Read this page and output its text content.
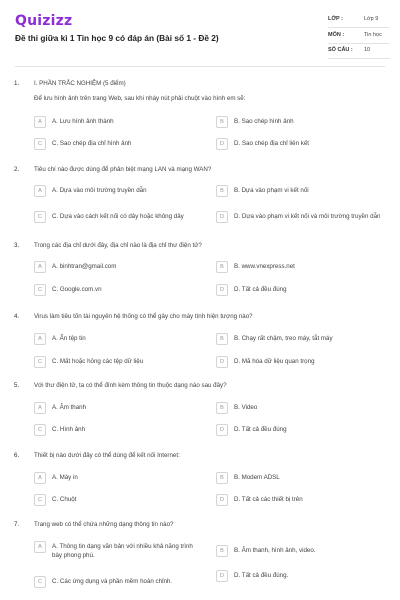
Quizizz
Đề thi giữa kì 1 Tin học 9 có đáp án (Bài số 1 - Đề 2)
LỚP :	Lớp 9
MÔN :	Tin học
SỐ CÂU : 10
1. I. PHẦN TRẮC NGHIỆM (5 điểm)
Để lưu hình ảnh trên trang Web, sau khi nháy nút phải chuột vào hình em sẽ:
A	A. Lưu hình ảnh thành	B	B. Sao chép hình ảnh
C	C. Sao chép địa chỉ hình ảnh	D	D. Sao chép địa chỉ liên kết
2. Tiêu chí nào được dùng để phân biệt mạng LAN và mạng WAN?
A	A. Dựa vào môi trường truyền dẫn	B	B. Dựa vào phạm vi kết nối
C	C. Dựa vào cách kết nối có dây hoặc không dây	D	D. Dựa vào phạm vi kết nối và môi trường truyền dẫn
3. Trong các địa chỉ dưới đây, địa chỉ nào là địa chỉ thư điện tử?
A	A. binhtran@gmail.com	B	B. www.vnexpress.net
C	C. Google.com.vn	D	D. Tất cả đều đúng
4. Virus làm tiêu tốn tài nguyên hệ thống có thể gây cho máy tính hiện tượng nào?
A	A. Ẩn tệp tin	B	B. Chạy rất chậm, treo máy, tắt máy
C	C. Mất hoặc hỏng các tệp dữ liệu	D	D. Mã hóa dữ liệu quan trọng
5. Với thư điện tử, ta có thể đính kèm thông tin thuộc dạng nào sau đây?
A	A. Âm thanh	B	B. Video
C	C. Hình ảnh	D	D. Tất cả đều đúng
6. Thiết bị nào dưới đây có thể dùng để kết nối Internet:
A	A. Máy in	B	B. Modem ADSL
C	C. Chuột	D	D. Tất cả các thiết bị trên
7. Trang web có thể chứa những dạng thông tin nào?
A	A. Thông tin dạng văn bản với nhiều khả năng trình bày phong phú.
B	B. Âm thanh, hình ảnh, video.
C	C. Các ứng dụng và phần mềm hoàn chỉnh.
D	D. Tất cả đều đúng.
